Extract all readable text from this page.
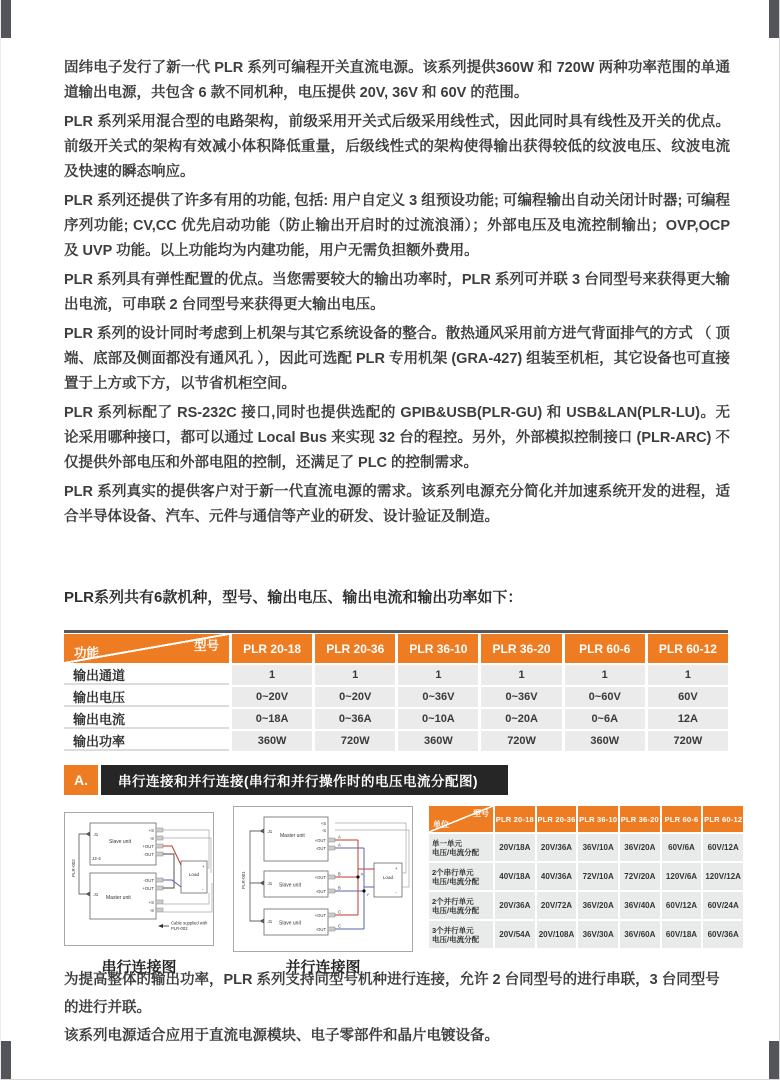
固纬电子发行了新一代 PLR 系列可编程开关直流电源。该系列提供360W 和 720W 两种功率范围的单通道输出电源，共包含 6 款不同机种，电压提供 20V, 36V 和 60V 的范围。

PLR 系列采用混合型的电路架构，前级采用开关式后级采用线性式，因此同时具有线性及开关的优点。前级开关式的架构有效减小体积降低重量，后级线性式的架构使得输出获得较低的纹波电压、纹波电流及快速的瞬态响应。

PLR 系列还提供了许多有用的功能, 包括: 用户自定义 3 组预设功能; 可编程输出自动关闭计时器; 可编程序列功能; CV,CC 优先启动功能（防止输出开启时的过流浪涌）；外部电压及电流控制输出；OVP,OCP 及 UVP 功能。以上功能均为内建功能，用户无需负担额外费用。

PLR 系列具有弹性配置的优点。当您需要较大的输出功率时，PLR 系列可并联 3 台同型号来获得更大输出电流，可串联 2 台同型号来获得更大输出电压。

PLR 系列的设计同时考虑到上机架与其它系统设备的整合。散热通风采用前方进气背面排气的方式 （ 顶端、底部及侧面都没有通风孔 ），因此可选配 PLR 专用机架 (GRA-427) 组装至机柜，其它设备也可直接置于上方或下方，以节省机柜空间。

PLR 系列标配了 RS-232C 接口,同时也提供选配的 GPIB&USB(PLR-GU) 和 USB&LAN(PLR-LU)。无论采用哪种接口，都可以通过 Local Bus 来实现 32 台的程控。另外，外部模拟控制接口 (PLR-ARC) 不仅提供外部电压和外部电阻的控制，还满足了 PLC 的控制需求。

PLR 系列真实的提供客户对于新一代直流电源的需求。该系列电源充分简化并加速系统开发的进程，适合半导体设备、汽车、元件与通信等产业的研发、设计验证及制造。

PLR系列共有6款机种，型号、输出电压、输出电流和输出功率如下：
型号
功能	PLR 20-18	PLR 20-36	PLR 36-10	PLR 36-20	PLR 60-6	PLR 60-12
输出通道	1	1	1	1	1	1
输出电压	0~20V	0~20V	0~36V	0~36V	0~60V	60V
输出电流	0~18A	0~36A	0~10A	0~20A	0~6A	12A
输出功率	360W	720W	360W	720W	360W	720W
A.	串行连接和并行连接(串行和并行操作时的电压电流分配图)
PLR-002
J1
J2-4
Slave unit
+S
-S
+OUT
-OUT
J1
Master unit
-OUT
+OUT
+S
-S
Load
+
-
Cable supplied with
PLR-002
串行连接图
PLR-001
J1
Master unit
+S
-S
+OUT
-OUT
J1 Slave unit
+OUT
-OUT
J1 Slave unit
+OUT
-OUT
Load
+
-
X
Y
A
A
B
B
C
C
并行连接图
型号
单位
PLR 20-18 PLR 20-36 PLR 36-10 PLR 36-20 PLR 60-6 PLR 60-12
单一单元
电压/电流分配	20V/18A	20V/36A	36V/10A	36V/20A	60V/6A	60V/12A
2个串行单元
电压/电流分配	40V/18A	40V/36A	72V/10A	72V/20A	120V/6A	120V/12A
2个并行单元
电压/电流分配	20V/36A	20V/72A	36V/20A	36V/40A	60V/12A	60V/24A
3个并行单元
电压/电流分配	20V/54A	20V/108A	36V/30A	36V/60A	60V/18A	60V/36A

为提高整体的输出功率，PLR 系列支持同型号机种进行连接，允许 2 台同型号的进行串联，3 台同型号的进行并联。

该系列电源适合应用于直流电源模块、电子零部件和晶片电镀设备。
